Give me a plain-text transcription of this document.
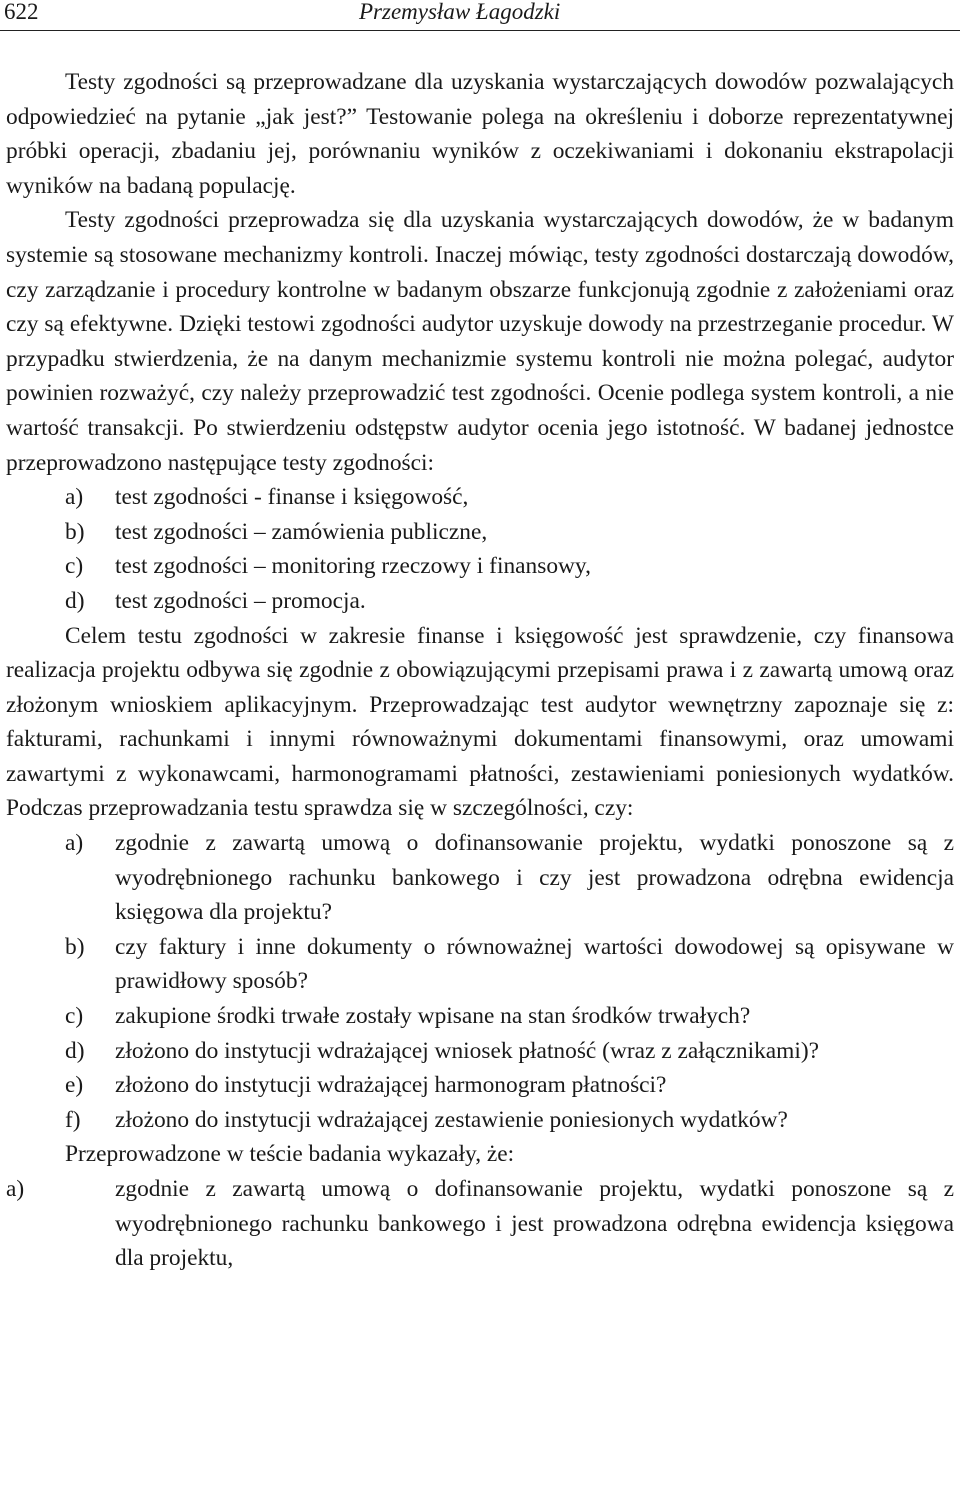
622	Przemysław Łagodzki

Testy zgodności są przeprowadzane dla uzyskania wystarczających dowodów pozwalających odpowiedzieć na pytanie „jak jest?” Testowanie polega na określeniu i doborze reprezentatywnej próbki operacji, zbadaniu jej, porównaniu wyników z oczekiwaniami i dokonaniu ekstrapolacji wyników na badaną populację.

Testy zgodności przeprowadza się dla uzyskania wystarczających dowodów, że w badanym systemie są stosowane mechanizmy kontroli. Inaczej mówiąc, testy zgodności dostarczają dowodów, czy zarządzanie i procedury kontrolne w badanym obszarze funkcjonują zgodnie z założeniami oraz czy są efektywne. Dzięki testowi zgodności audytor uzyskuje dowody na przestrzeganie procedur. W przypadku stwierdzenia, że na danym mechanizmie systemu kontroli nie można polegać, audytor powinien rozważyć, czy należy przeprowadzić test zgodności. Ocenie podlega system kontroli, a nie wartość transakcji. Po stwierdzeniu odstępstw audytor ocenia jego istotność. W badanej jednostce przeprowadzono następujące testy zgodności:

a) test zgodności - finanse i księgowość,
b) test zgodności – zamówienia publiczne,
c) test zgodności – monitoring rzeczowy i finansowy,
d) test zgodności – promocja.

Celem testu zgodności w zakresie finanse i księgowość jest sprawdzenie, czy finansowa realizacja projektu odbywa się zgodnie z obowiązującymi przepisami prawa i z zawartą umową oraz złożonym wnioskiem aplikacyjnym. Przeprowadzając test audytor wewnętrzny zapoznaje się z: fakturami, rachunkami i innymi równoważnymi dokumentami finansowymi, oraz umowami zawartymi z wykonawcami, harmonogramami płatności, zestawieniami poniesionych wydatków. Podczas przeprowadzania testu sprawdza się w szczególności, czy:

a) zgodnie z zawartą umową o dofinansowanie projektu, wydatki ponoszone są z wyodrębnionego rachunku bankowego i czy jest prowadzona odrębna ewidencja księgowa dla projektu?
b) czy faktury i inne dokumenty o równoważnej wartości dowodowej są opisywane w prawidłowy sposób?
c) zakupione środki trwałe zostały wpisane na stan środków trwałych?
d) złożono do instytucji wdrażającej wniosek płatność (wraz z załącznikami)?
e) złożono do instytucji wdrażającej harmonogram płatności?
f) złożono do instytucji wdrażającej zestawienie poniesionych wydatków?

Przeprowadzone w teście badania wykazały, że:

a)	zgodnie z zawartą umową o dofinansowanie projektu, wydatki ponoszone są z wyodrębnionego rachunku bankowego i jest prowadzona odrębna ewidencja księgowa dla projektu,
